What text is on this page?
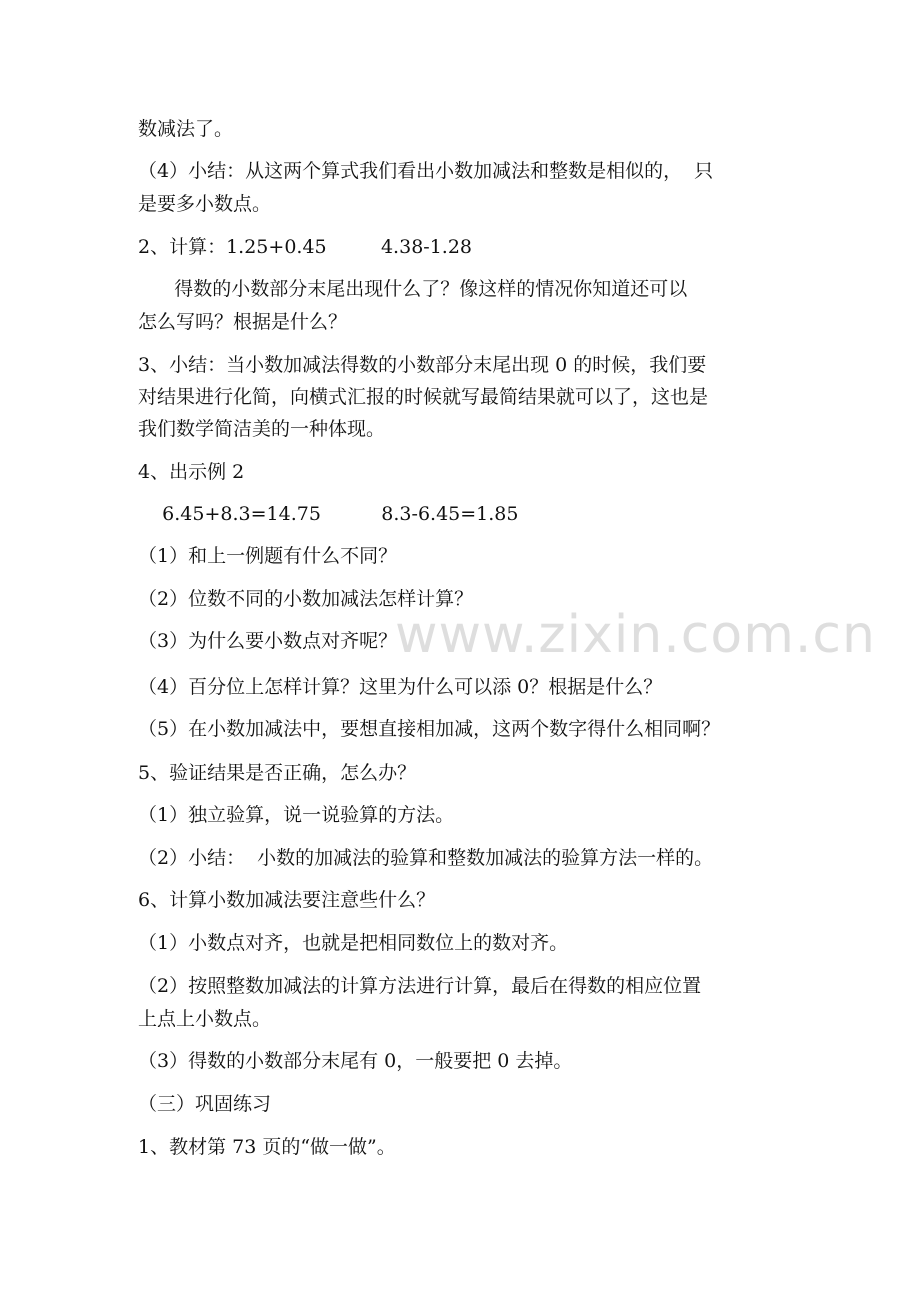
www.zixin.com.cn
数减法了。
（4）小结：从这两个算式我们看出小数加减法和整数是相似的，  只
是要多小数点。
2、计算：1.25+0.45         4.38-1.28
得数的小数部分末尾出现什么了？像这样的情况你知道还可以
怎么写吗？根据是什么？
3、小结：当小数加减法得数的小数部分末尾出现 0 的时候，我们要
对结果进行化简，向横式汇报的时候就写最简结果就可以了，这也是
我们数学简洁美的一种体现。
4、出示例 2
6.45+8.3=14.75          8.3-6.45=1.85
（1）和上一例题有什么不同？
（2）位数不同的小数加减法怎样计算？
（3）为什么要小数点对齐呢？
（4）百分位上怎样计算？这里为什么可以添 0？根据是什么？
（5）在小数加减法中，要想直接相加减，这两个数字得什么相同啊？
5、验证结果是否正确，怎么办？
（1）独立验算，说一说验算的方法。
（2）小结：  小数的加减法的验算和整数加减法的验算方法一样的。
6、计算小数加减法要注意些什么？
（1）小数点对齐，也就是把相同数位上的数对齐。
（2）按照整数加减法的计算方法进行计算，最后在得数的相应位置
上点上小数点。
（3）得数的小数部分末尾有 0，一般要把 0 去掉。
（三）巩固练习
1、教材第 73 页的“做一做”。
